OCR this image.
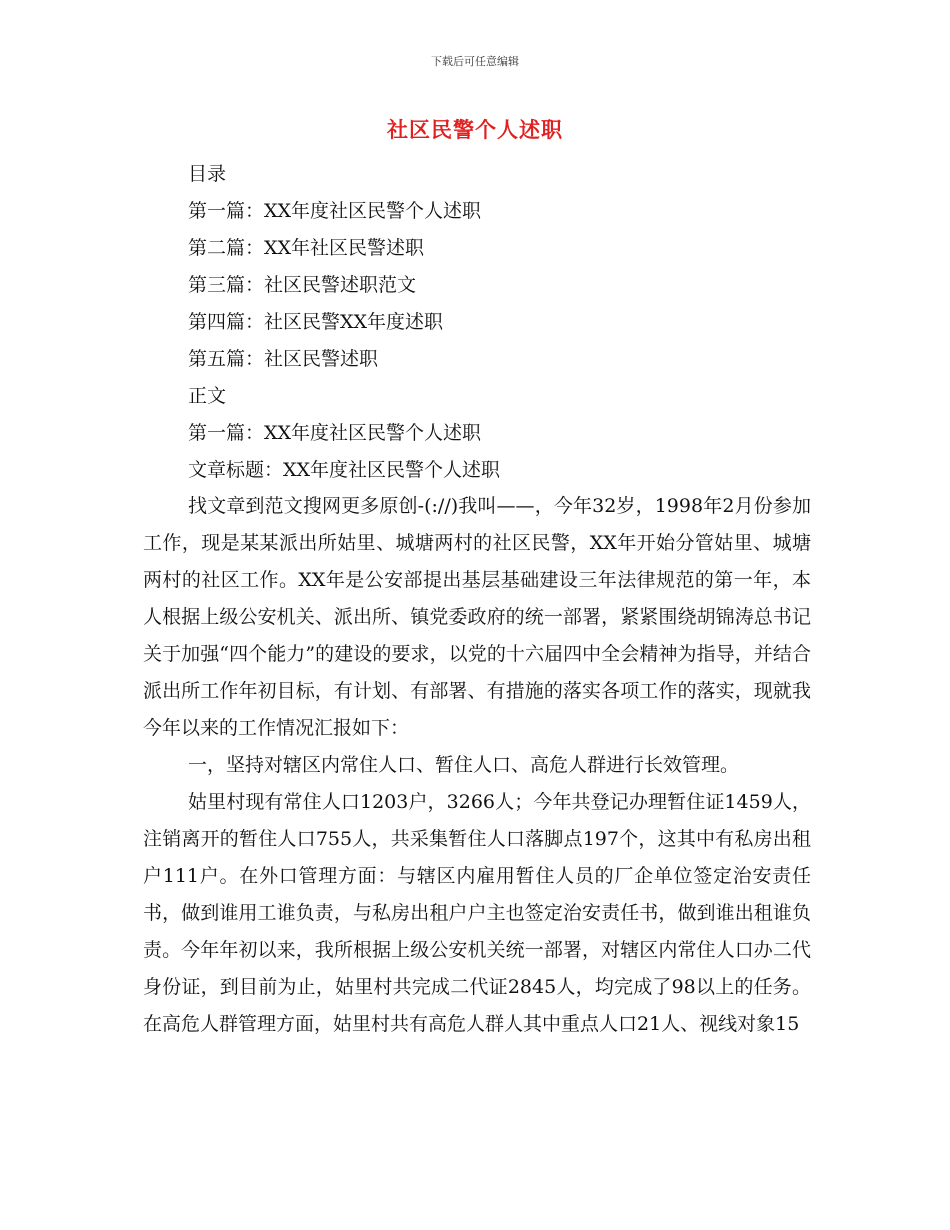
下载后可任意编辑
社区民警个人述职
目录
第一篇：XX年度社区民警个人述职
第二篇：XX年社区民警述职
第三篇：社区民警述职范文
第四篇：社区民警XX年度述职
第五篇：社区民警述职
正文
第一篇：XX年度社区民警个人述职
文章标题：XX年度社区民警个人述职

找文章到范文搜网更多原创-(://)我叫——，今年32岁，1998年2月份参加工作，现是某某派出所姑里、城塘两村的社区民警，XX年开始分管姑里、城塘两村的社区工作。XX年是公安部提出基层基础建设三年法律规范的第一年，本人根据上级公安机关、派出所、镇党委政府的统一部署，紧紧围绕胡锦涛总书记关于加强“四个能力”的建设的要求，以党的十六届四中全会精神为指导，并结合派出所工作年初目标，有计划、有部署、有措施的落实各项工作的落实，现就我今年以来的工作情况汇报如下：

一，坚持对辖区内常住人口、暂住人口、高危人群进行长效管理。

姑里村现有常住人口1203户，3266人；今年共登记办理暂住证1459人，注销离开的暂住人口755人，共采集暂住人口落脚点197个，这其中有私房出租户111户。在外口管理方面：与辖区内雇用暂住人员的厂企单位签定治安责任书，做到谁用工谁负责，与私房出租户户主也签定治安责任书，做到谁出租谁负责。今年年初以来，我所根据上级公安机关统一部署，对辖区内常住人口办二代身份证，到目前为止，姑里村共完成二代证2845人，均完成了98以上的任务。在高危人群管理方面，姑里村共有高危人群人其中重点人口21人、视线对象15
